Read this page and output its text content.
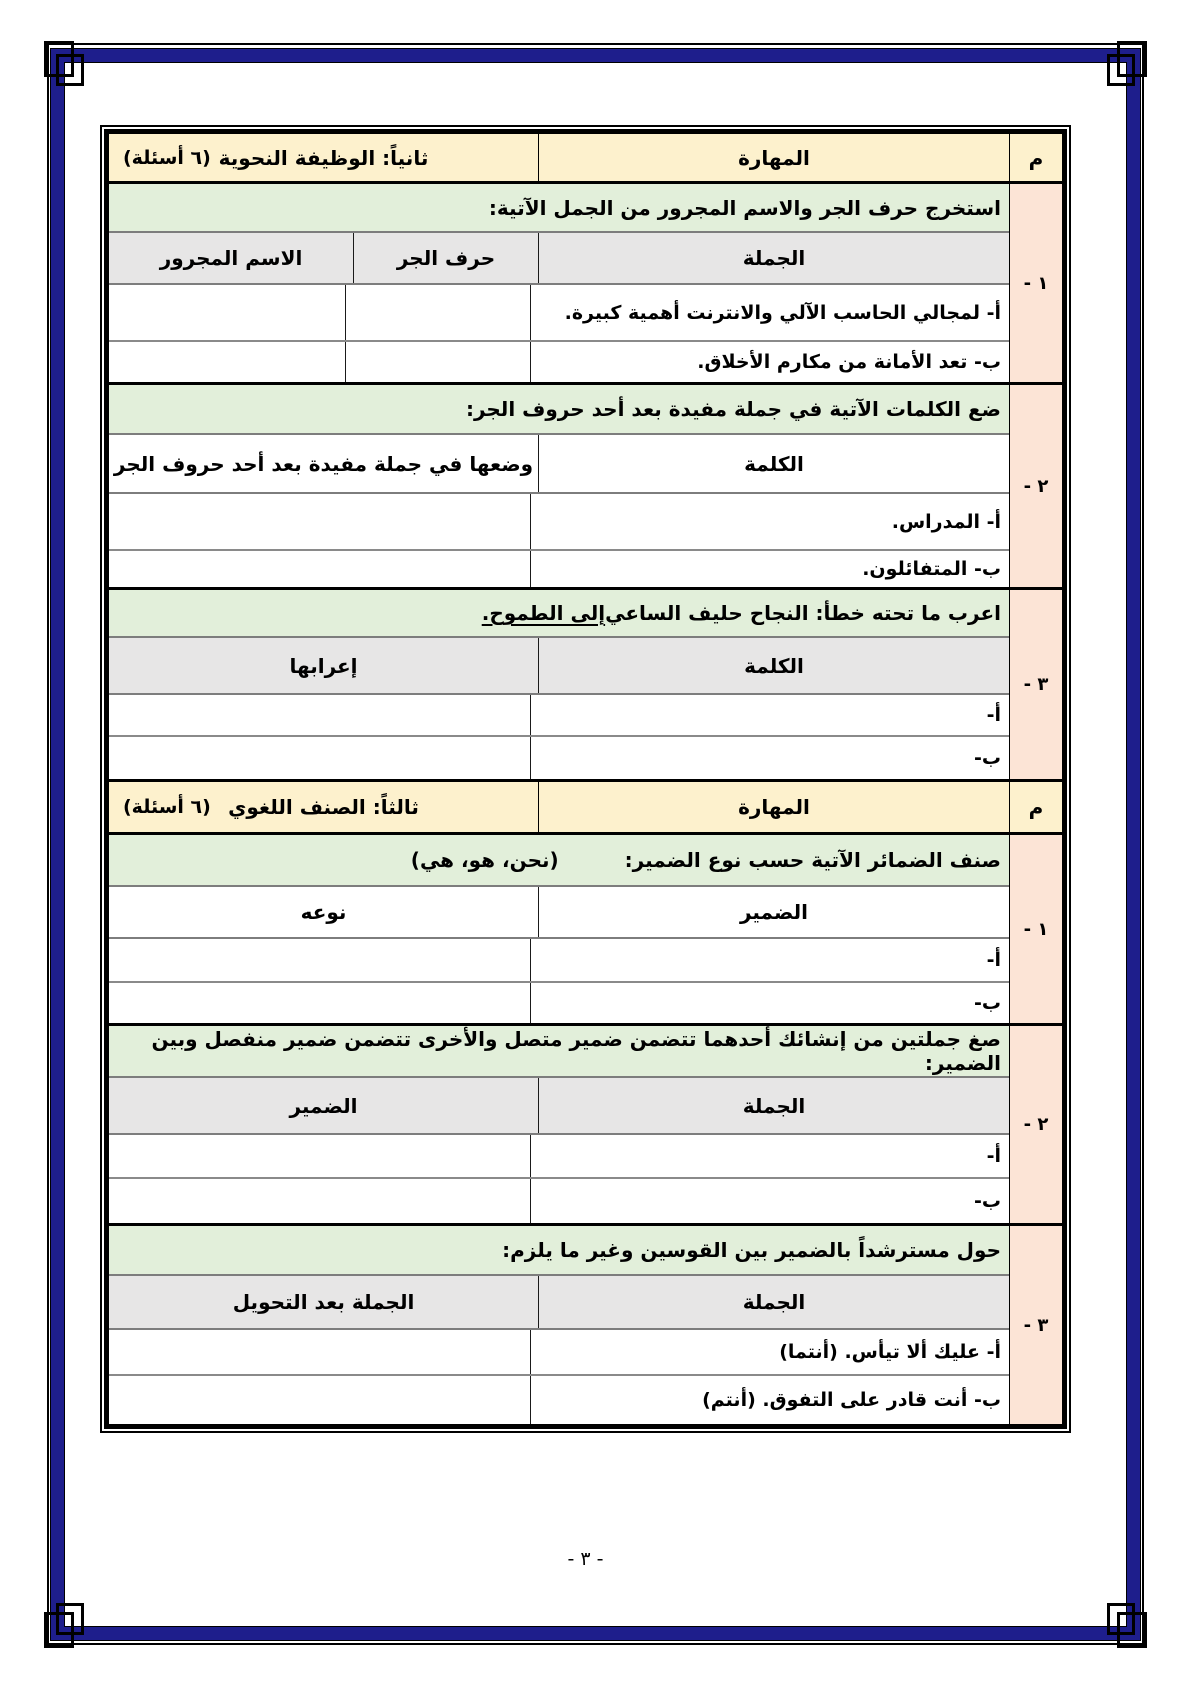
م
المهارة
ثانياً: الوظيفة النحوية
(٦ أسئلة)
١ -
استخرج حرف الجر والاسم المجرور من الجمل الآتية:
الجملة
حرف الجر
الاسم المجرور
أ- لمجالي الحاسب الآلي والانترنت أهمية كبيرة.
ب- تعد الأمانة من مكارم الأخلاق.
٢ -
ضع الكلمات الآتية في جملة مفيدة بعد أحد حروف الجر:
الكلمة
وضعها في جملة مفيدة بعد أحد حروف الجر
أ- المدراس.
ب- المتفائلون.
٣ -
اعرب ما تحته خطأ: النجاح حليف الساعي
إلى الطموح.
الكلمة
إعرابها
أ-
ب-
م
المهارة
ثالثاً: الصنف اللغوي
(٦ أسئلة)
١ -
صنف الضمائر الآتية حسب نوع الضمير:
(نحن، هو، هي)
الضمير
نوعه
أ-
ب-
٢ -
صغ جملتين من إنشائك أحدهما تتضمن ضمير متصل والأخرى تتضمن ضمير منفصل وبين الضمير:
الجملة
الضمير
أ-
ب-
٣ -
حول مسترشداً بالضمير بين القوسين وغير ما يلزم:
الجملة
الجملة بعد التحويل
أ- عليك ألا تيأس. (أنتما)
ب- أنت قادر على التفوق. (أنتم)
- ٣ -
